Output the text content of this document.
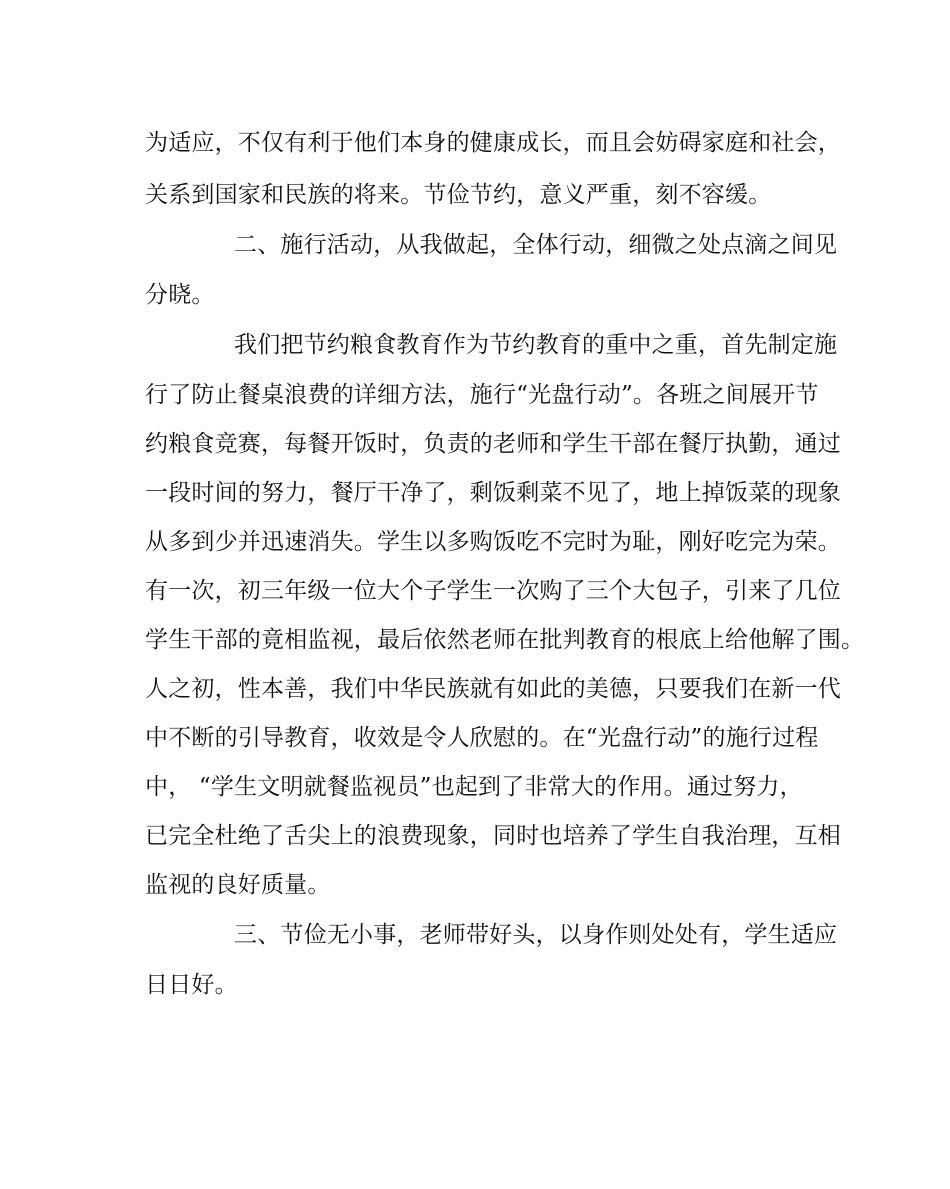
为适应，不仅有利于他们本身的健康成长，而且会妨碍家庭和社会，

关系到国家和民族的将来。节俭节约，意义严重，刻不容缓。

二、施行活动，从我做起，全体行动，细微之处点滴之间见

分晓。

我们把节约粮食教育作为节约教育的重中之重，首先制定施

行了防止餐桌浪费的详细方法，施行“光盘行动”。各班之间展开节

约粮食竞赛，每餐开饭时，负责的老师和学生干部在餐厅执勤，通过

一段时间的努力，餐厅干净了，剩饭剩菜不见了，地上掉饭菜的现象

从多到少并迅速消失。学生以多购饭吃不完时为耻，刚好吃完为荣。

有一次，初三年级一位大个子学生一次购了三个大包子，引来了几位

学生干部的竟相监视，最后依然老师在批判教育的根底上给他解了围。

人之初，性本善，我们中华民族就有如此的美德，只要我们在新一代

中不断的引导教育，收效是令人欣慰的。在“光盘行动”的施行过程

中， “学生文明就餐监视员”也起到了非常大的作用。通过努力，

已完全杜绝了舌尖上的浪费现象，同时也培养了学生自我治理，互相

监视的良好质量。

三、节俭无小事，老师带好头，以身作则处处有，学生适应

日日好。
